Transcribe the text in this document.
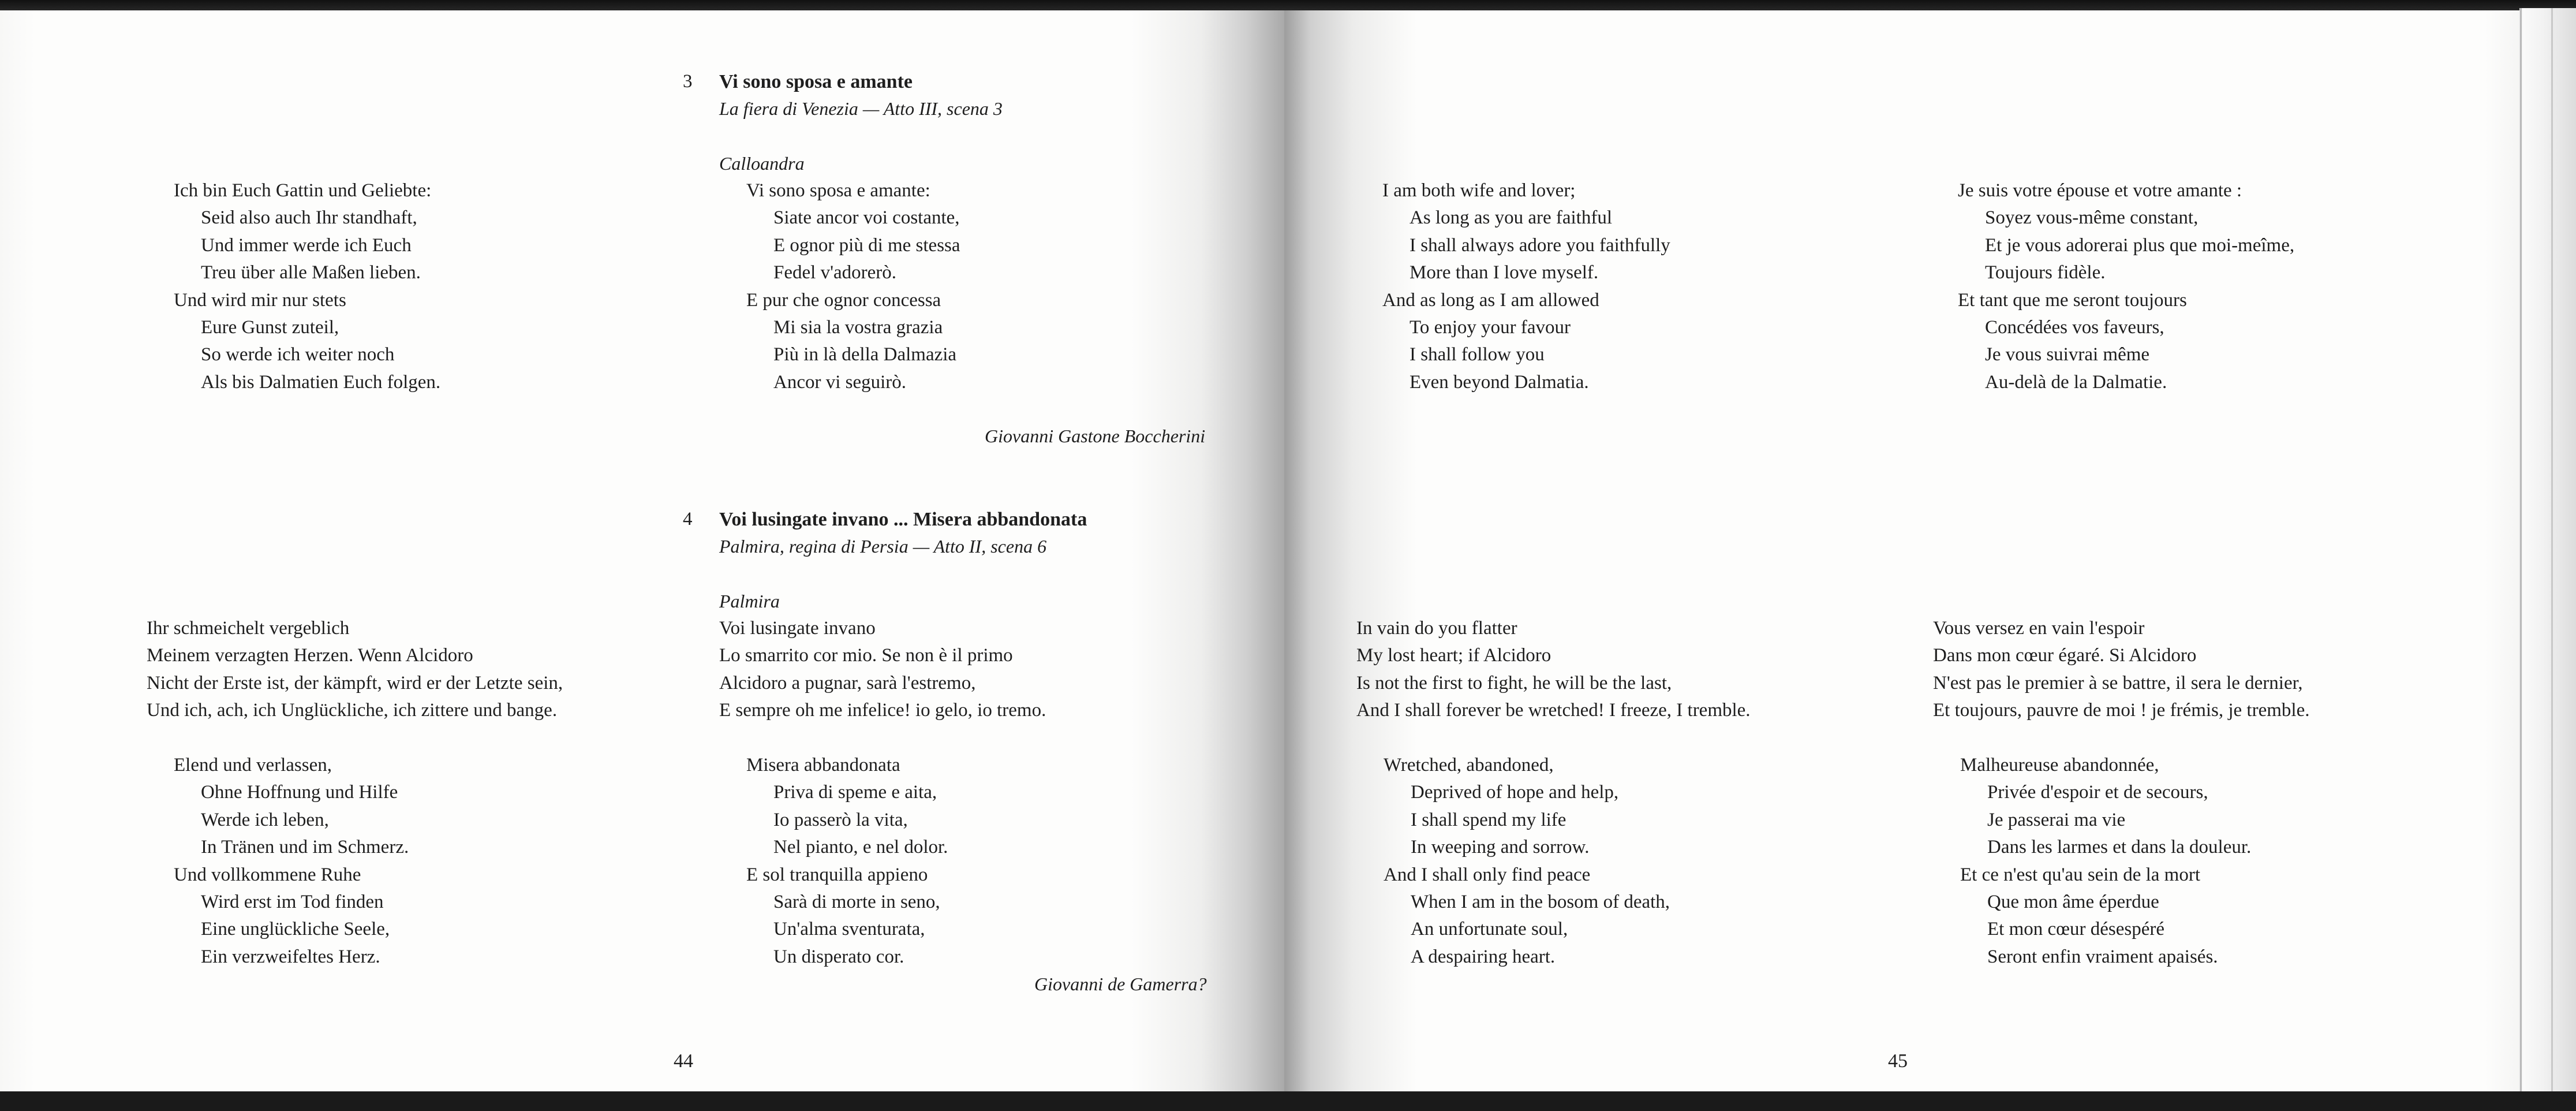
3 Vi sono sposa e amante
La fiera di Venezia — Atto III, scena 3
Calloandra
Ich bin Euch Gattin und Geliebte:
Seid also auch Ihr standhaft,
Und immer werde ich Euch
Treu über alle Maßen lieben.
Und wird mir nur stets
Eure Gunst zuteil,
So werde ich weiter noch
Als bis Dalmatien Euch folgen.
Vi sono sposa e amante:
Siate ancor voi costante,
E ognor più di me stessa
Fedel v'adorerò.
E pur che ognor concessa
Mi sia la vostra grazia
Più in là della Dalmazia
Ancor vi seguirò.
Giovanni Gastone Boccherini
4 Voi lusingate invano ... Misera abbandonata
Palmira, regina di Persia — Atto II, scena 6
Palmira
Ihr schmeichelt vergeblich
Meinem verzagten Herzen. Wenn Alcidoro
Nicht der Erste ist, der kämpft, wird er der Letzte sein,
Und ich, ach, ich Unglückliche, ich zittere und bange.
Elend und verlassen,
Ohne Hoffnung und Hilfe
Werde ich leben,
In Tränen und im Schmerz.
Und vollkommene Ruhe
Wird erst im Tod finden
Eine unglückliche Seele,
Ein verzweifeltes Herz.
Voi lusingate invano
Lo smarrito cor mio. Se non è il primo
Alcidoro a pugnar, sarà l'estremo,
E sempre oh me infelice! io gelo, io tremo.
Misera abbandonata
Priva di speme e aita,
Io passerò la vita,
Nel pianto, e nel dolor.
E sol tranquilla appieno
Sarà di morte in seno,
Un'alma sventurata,
Un disperato cor.
Giovanni de Gamerra?
44
I am both wife and lover;
As long as you are faithful
I shall always adore you faithfully
More than I love myself.
And as long as I am allowed
To enjoy your favour
I shall follow you
Even beyond Dalmatia.
Je suis votre épouse et votre amante :
Soyez vous-même constant,
Et je vous adorerai plus que moi-meîme,
Toujours fidèle.
Et tant que me seront toujours
Concédées vos faveurs,
Je vous suivrai même
Au-delà de la Dalmatie.
In vain do you flatter
My lost heart; if Alcidoro
Is not the first to fight, he will be the last,
And I shall forever be wretched! I freeze, I tremble.
Wretched, abandoned,
Deprived of hope and help,
I shall spend my life
In weeping and sorrow.
And I shall only find peace
When I am in the bosom of death,
An unfortunate soul,
A despairing heart.
Vous versez en vain l'espoir
Dans mon cœur égaré. Si Alcidoro
N'est pas le premier à se battre, il sera le dernier,
Et toujours, pauvre de moi ! je frémis, je tremble.
Malheureuse abandonnée,
Privée d'espoir et de secours,
Je passerai ma vie
Dans les larmes et dans la douleur.
Et ce n'est qu'au sein de la mort
Que mon âme éperdue
Et mon cœur désespéré
Seront enfin vraiment apaisés.
45
